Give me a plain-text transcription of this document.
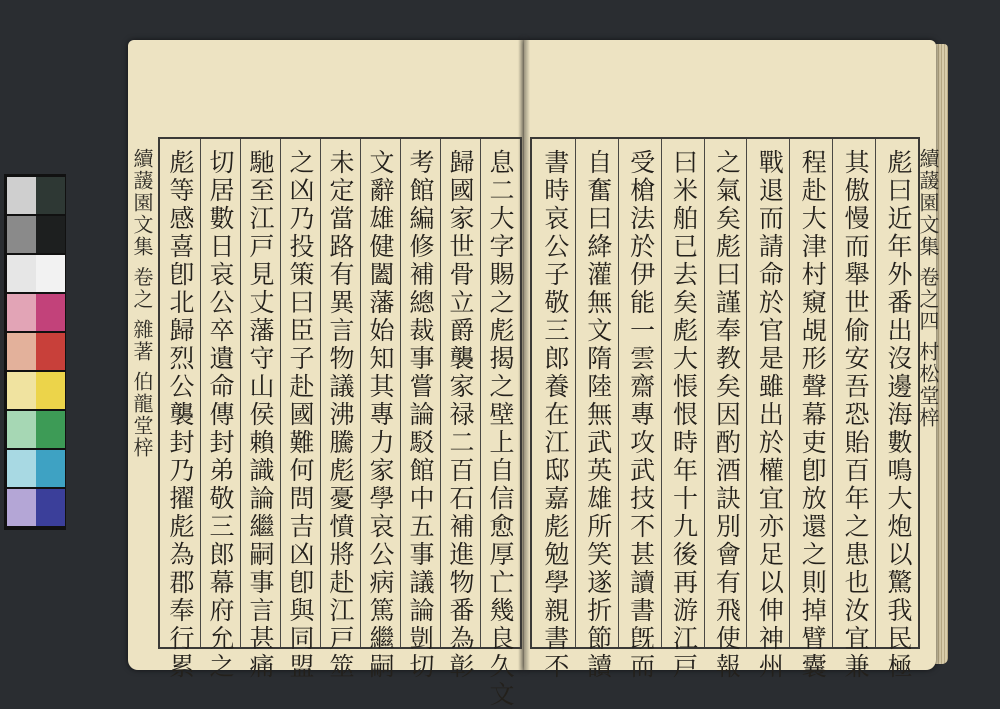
息二大字賜之彪揭之壁上自信愈厚亡幾良久文
歸國家世骨立爵襲家禄二百石補進物番為彰
考館編修補總裁事嘗論駁館中五事議論剴切
文辭雄健闔藩始知其專力家學哀公病篤繼嗣
未定當路有異言物議沸騰彪憂憤將赴江戸筮
之凶乃投策曰臣子赴國難何問吉凶卽與同盟
馳至江戸見丈藩守山侯賴識論繼嗣事言甚痛
切居數日哀公卒遺命傳封弟敬三郎幕府允之
彪等感喜卽北歸烈公襲封乃擢彪為郡奉行累	彪曰近年外番出沒邊海數鳴大炮以驚我民極
其傲慢而舉世偷安吾恐貽百年之患也汝宜兼
程赴大津村窺覘形聲幕吏卽放還之則掉臂囊
戰退而請命於官是雖出於權宜亦足以伸神州
之氣矣彪曰謹奉教矣因酌酒訣別會有飛使報
曰米舶已去矣彪大悵恨時年十九後再游江戸
受槍法於伊能一雲齋專攻武技不甚讀書旣而
自奮曰絳灌無文隋陸無武英雄所笑遂折節讀
書時哀公子敬三郎養在江邸嘉彪勉學親書不
續蘐園文集 卷之 雜著 伯龍堂梓	續蘐園文集 卷之四 村松堂梓
